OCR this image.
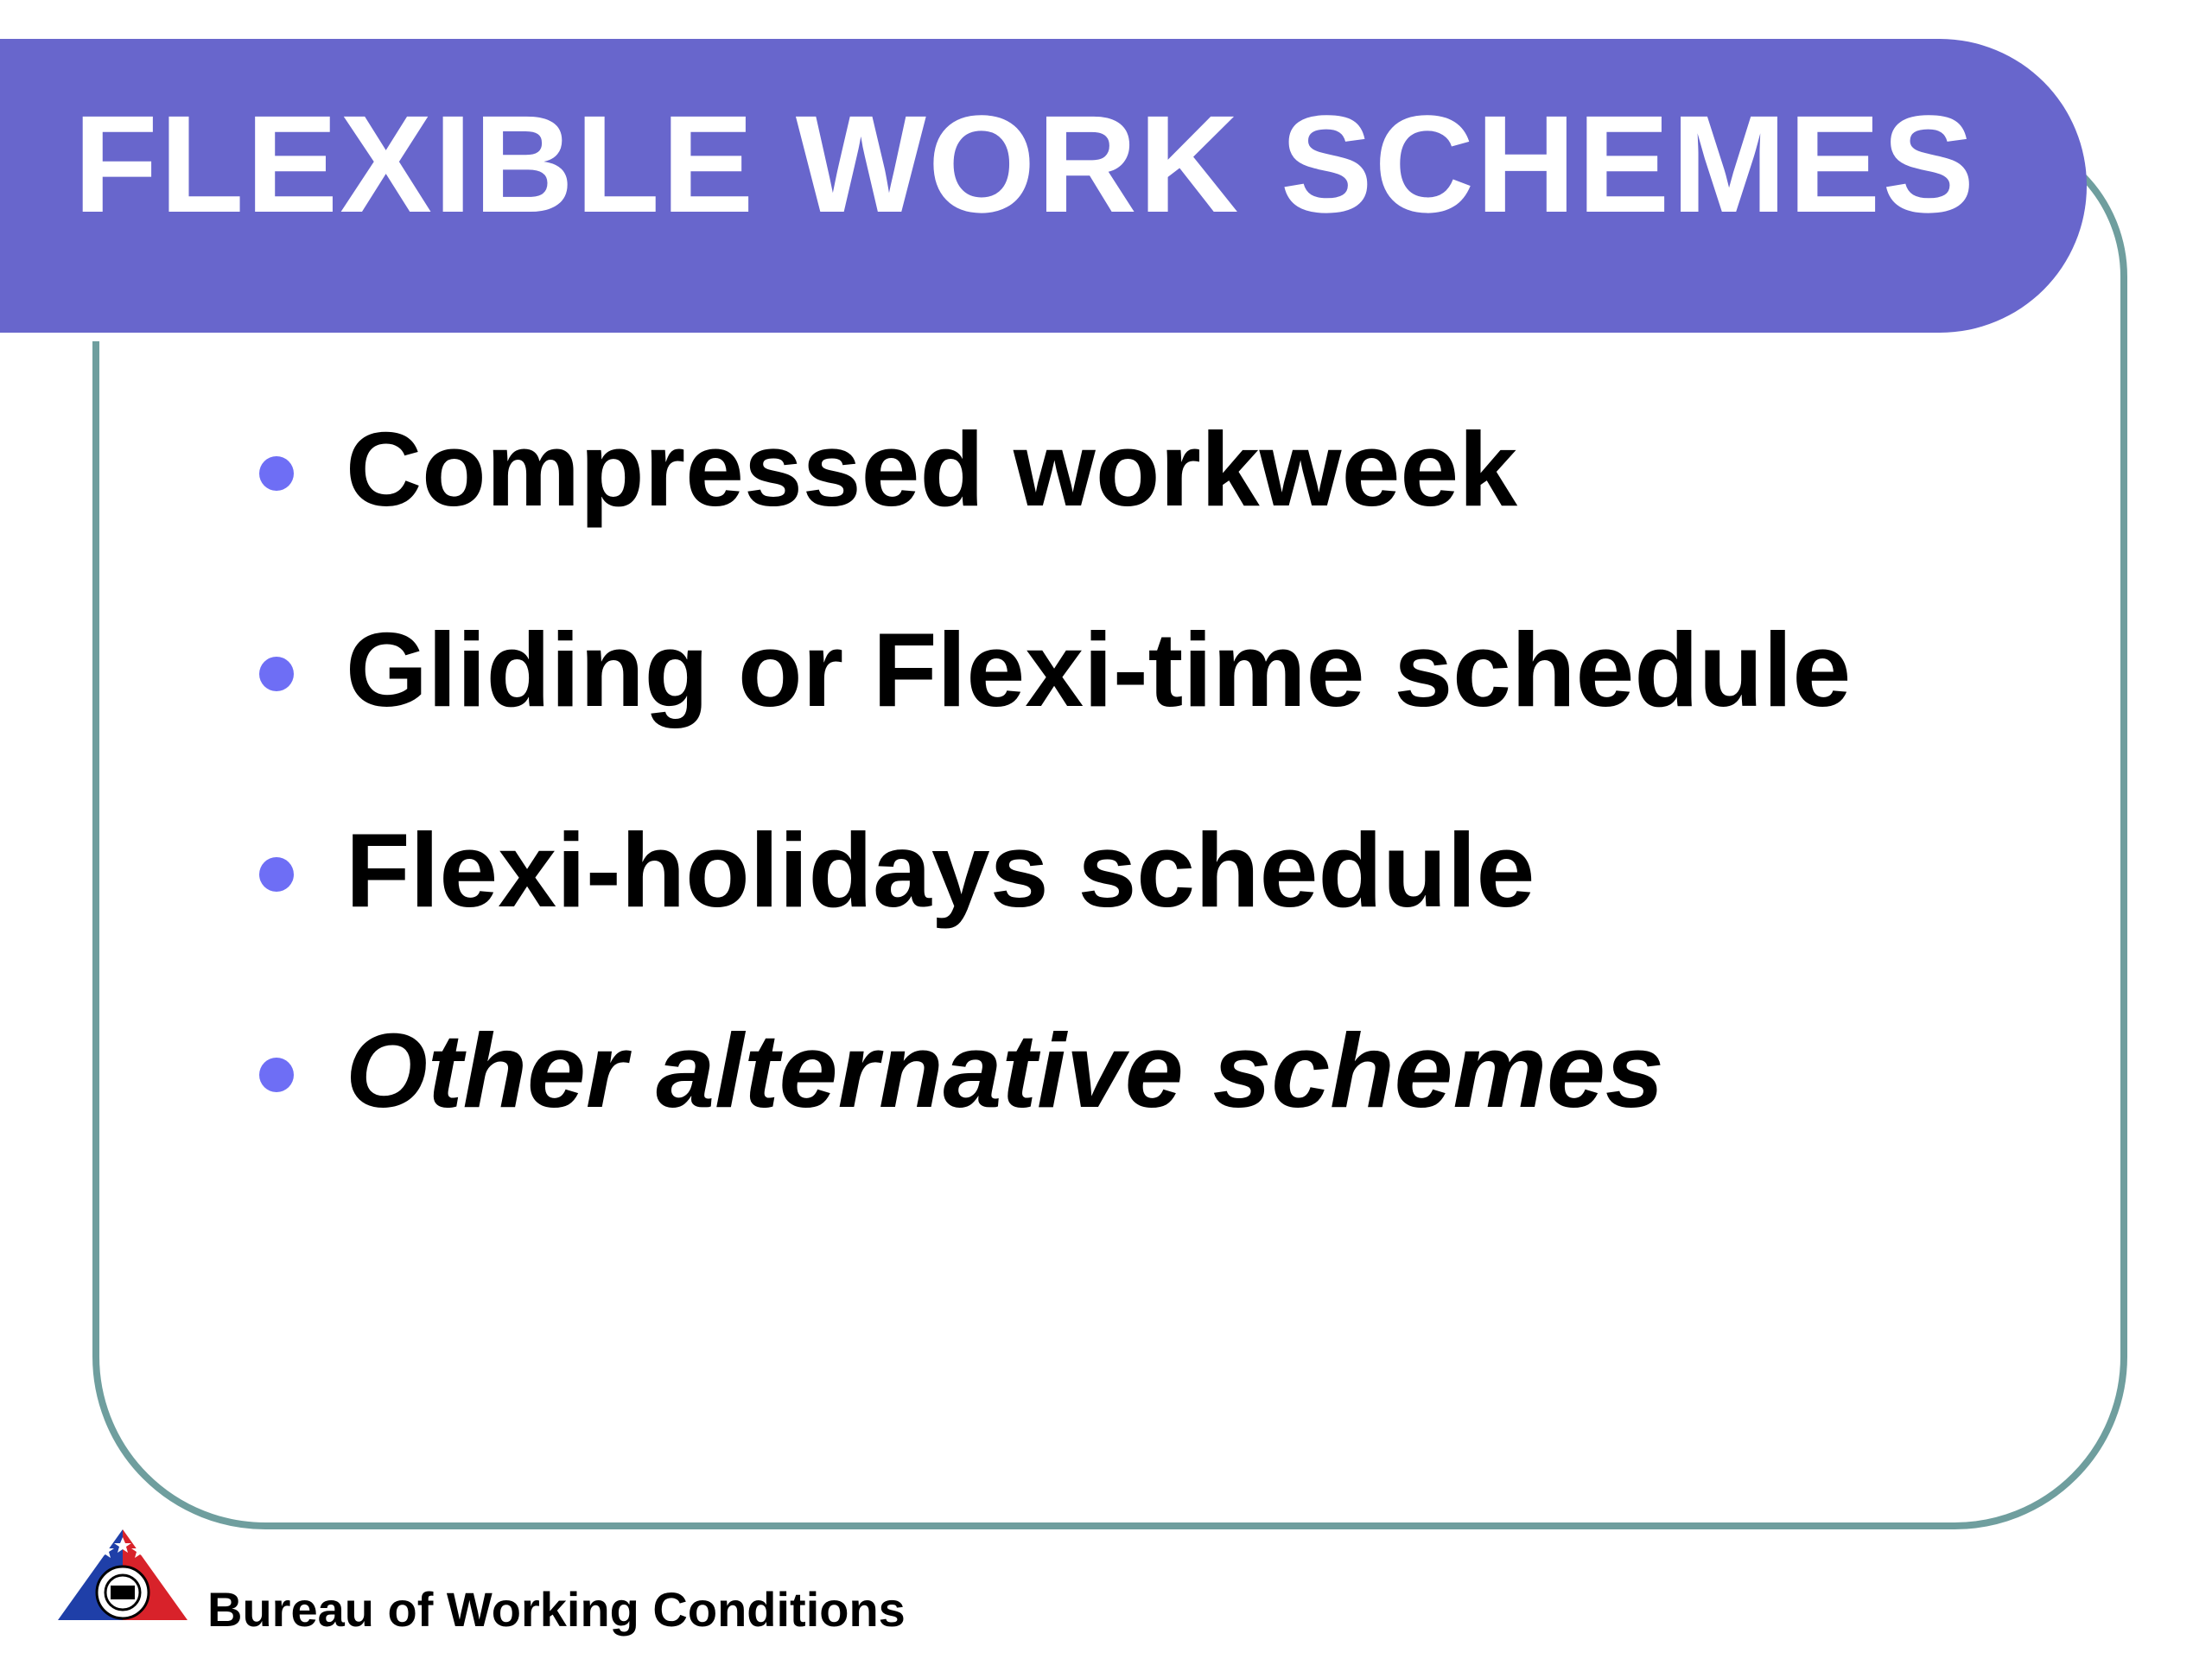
FLEXIBLE WORK SCHEMES
Compressed workweek
Gliding or Flexi-time schedule
Flexi-holidays schedule
Other alternative schemes
Bureau of Working Conditions
